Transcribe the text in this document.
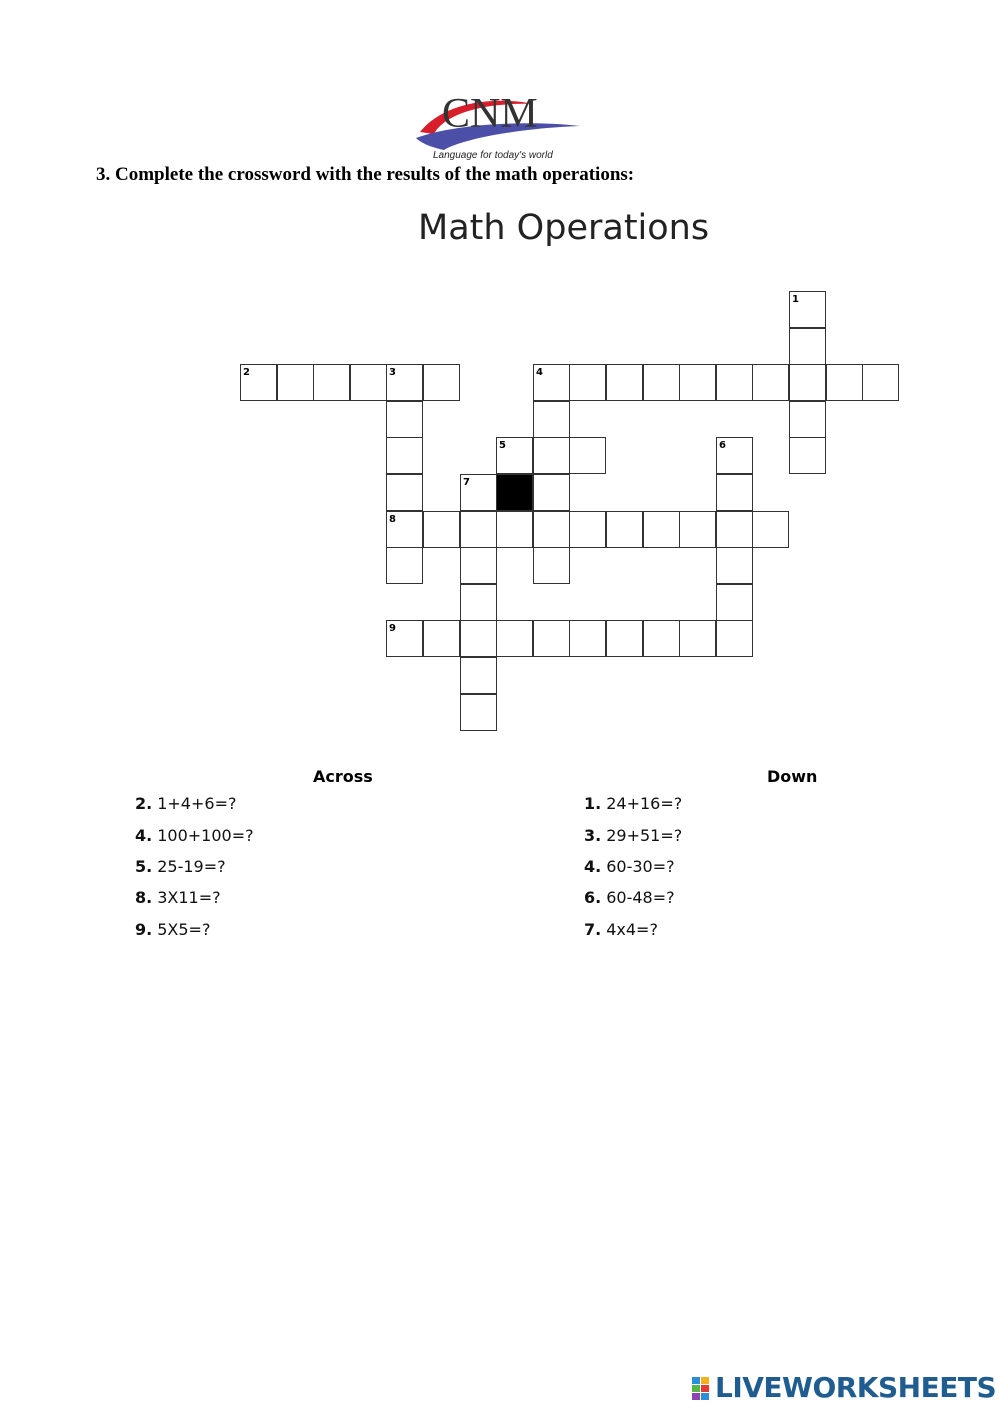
CNM
Language for today's world
3. Complete the crossword with the results of the math operations:
Math Operations
1
2	3	4
5	6
7
8
9
Across	Down
2. 1+4+6=?
4. 100+100=?
5. 25-19=?
8. 3X11=?
9. 5X5=?
1. 24+16=?
3. 29+51=?
4. 60-30=?
6. 60-48=?
7. 4x4=?
LIVEWORKSHEETS
